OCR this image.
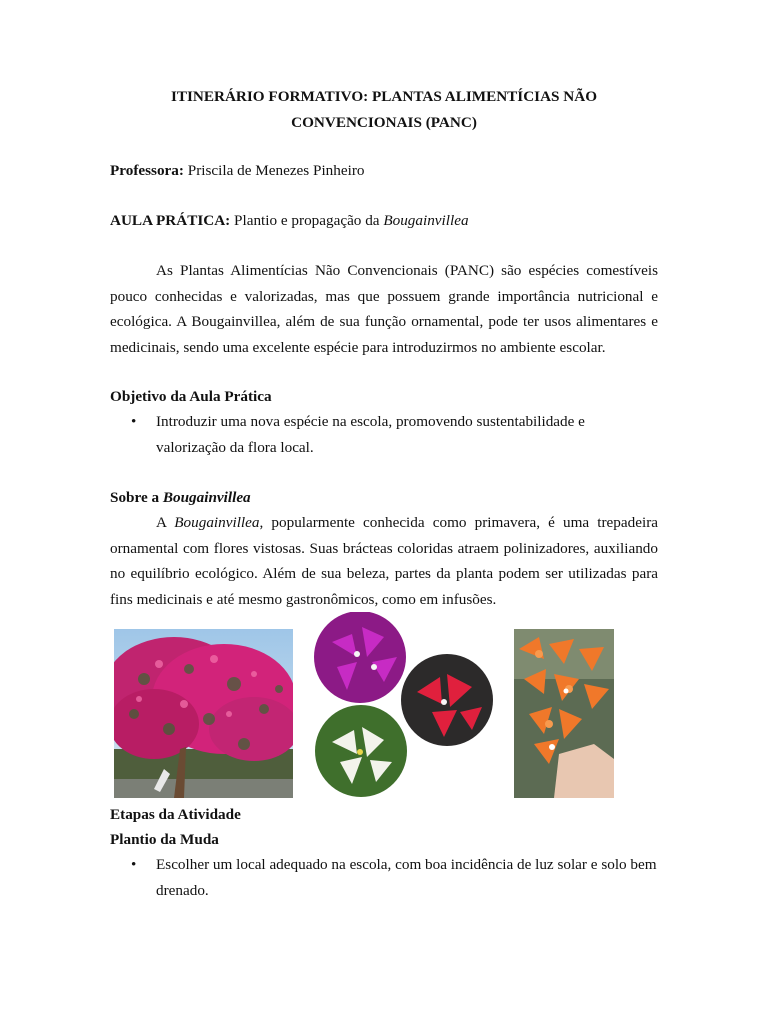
ITINERÁRIO FORMATIVO: PLANTAS ALIMENTÍCIAS NÃO
CONVENCIONAIS (PANC)
Professora: Priscila de Menezes Pinheiro
AULA PRÁTICA: Plantio e propagação da Bougainvillea
As Plantas Alimentícias Não Convencionais (PANC) são espécies comestíveis pouco conhecidas e valorizadas, mas que possuem grande importância nutricional e ecológica. A Bougainvillea, além de sua função ornamental, pode ter usos alimentares e medicinais, sendo uma excelente espécie para introduzirmos no ambiente escolar.
Objetivo da Aula Prática
• Introduzir uma nova espécie na escola, promovendo sustentabilidade e valorização da flora local.
Sobre a Bougainvillea
A Bougainvillea, popularmente conhecida como primavera, é uma trepadeira ornamental com flores vistosas. Suas brácteas coloridas atraem polinizadores, auxiliando no equilíbrio ecológico. Além de sua beleza, partes da planta podem ser utilizadas para fins medicinais e até mesmo gastronômicos, como em infusões.
Etapas da Atividade
Plantio da Muda
• Escolher um local adequado na escola, com boa incidência de luz solar e solo bem drenado.
